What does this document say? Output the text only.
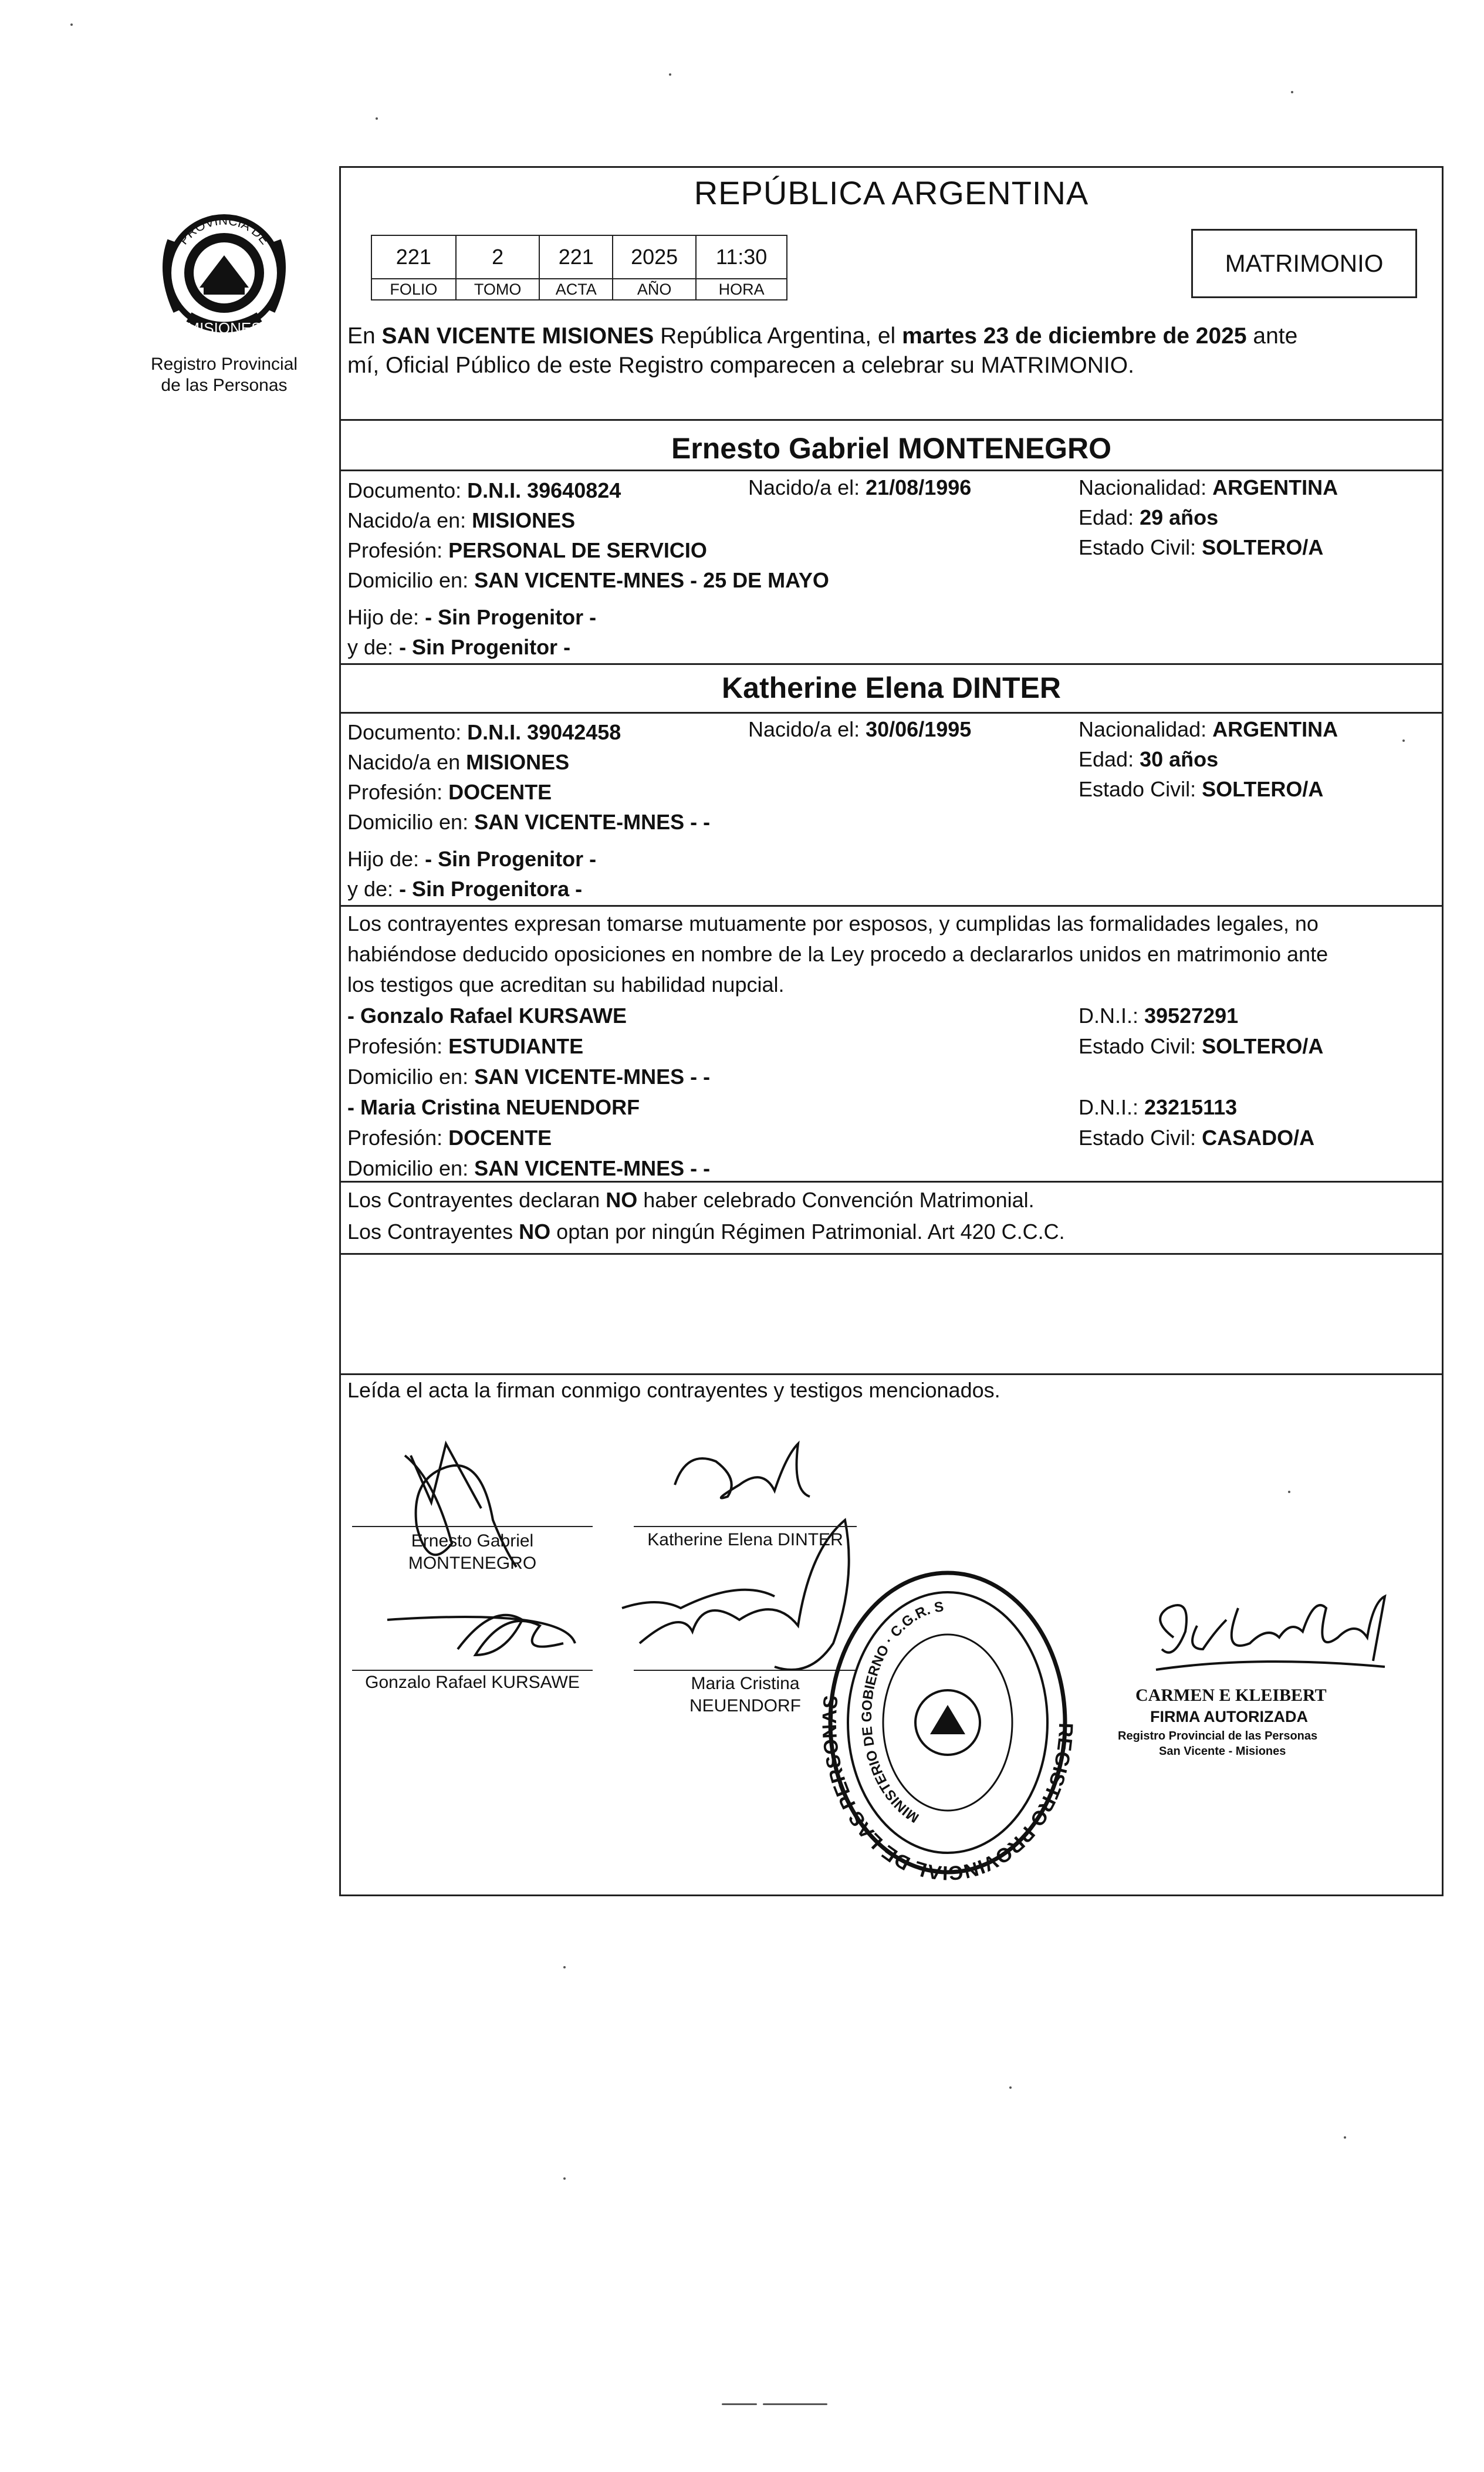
MISIONES
PROVINCIA DE
Registro Provincial
de las Personas
REPÚBLICA ARGENTINA
221	2	221	2025	11:30
FOLIO	TOMO	ACTA	AÑO	HORA
MATRIMONIO
En SAN VICENTE MISIONES República Argentina, el martes 23 de diciembre de 2025 ante
mí, Oficial Público de este Registro comparecen a celebrar su MATRIMONIO.
Ernesto Gabriel MONTENEGRO
Documento: D.N.I. 39640824
Nacido/a en: MISIONES
Profesión: PERSONAL DE SERVICIO
Domicilio en: SAN VICENTE-MNES - 25 DE MAYO
Hijo de: - Sin Progenitor -
y de: - Sin Progenitor -
Nacido/a el: 21/08/1996	Nacionalidad: ARGENTINA
Edad: 29 años
Estado Civil: SOLTERO/A
Katherine Elena DINTER
Documento: D.N.I. 39042458
Nacido/a en MISIONES
Profesión: DOCENTE
Domicilio en: SAN VICENTE-MNES - -
Hijo de: - Sin Progenitor -
y de: - Sin Progenitora -
Nacido/a el: 30/06/1995	Nacionalidad: ARGENTINA
Edad: 30 años
Estado Civil: SOLTERO/A
Los contrayentes expresan tomarse mutuamente por esposos, y cumplidas las formalidades legales, no
habiéndose deducido oposiciones en nombre de la Ley procedo a declararlos unidos en matrimonio ante
los testigos que acreditan su habilidad nupcial.
- Gonzalo Rafael KURSAWE
Profesión: ESTUDIANTE
Domicilio en: SAN VICENTE-MNES - -
- Maria Cristina NEUENDORF
Profesión: DOCENTE
Domicilio en: SAN VICENTE-MNES - -
D.N.I.: 39527291
Estado Civil: SOLTERO/A
D.N.I.: 23215113
Estado Civil: CASADO/A
Los Contrayentes declaran NO haber celebrado Convención Matrimonial.
Los Contrayentes NO optan por ningún Régimen Patrimonial. Art 420 C.C.C.
Leída el acta la firman conmigo contrayentes y testigos mencionados.
Ernesto Gabriel
MONTENEGRO
Katherine Elena DINTER
Gonzalo Rafael KURSAWE	Maria Cristina
NEUENDORF
REGISTRO PROVINCIAL DE LAS PERSONAS
MINISTERIO DE GOBIERNO · C.G.R. S
CARMEN E KLEIBERT
FIRMA AUTORIZADA
Registro Provincial de las Personas
San Vicente - Misiones
